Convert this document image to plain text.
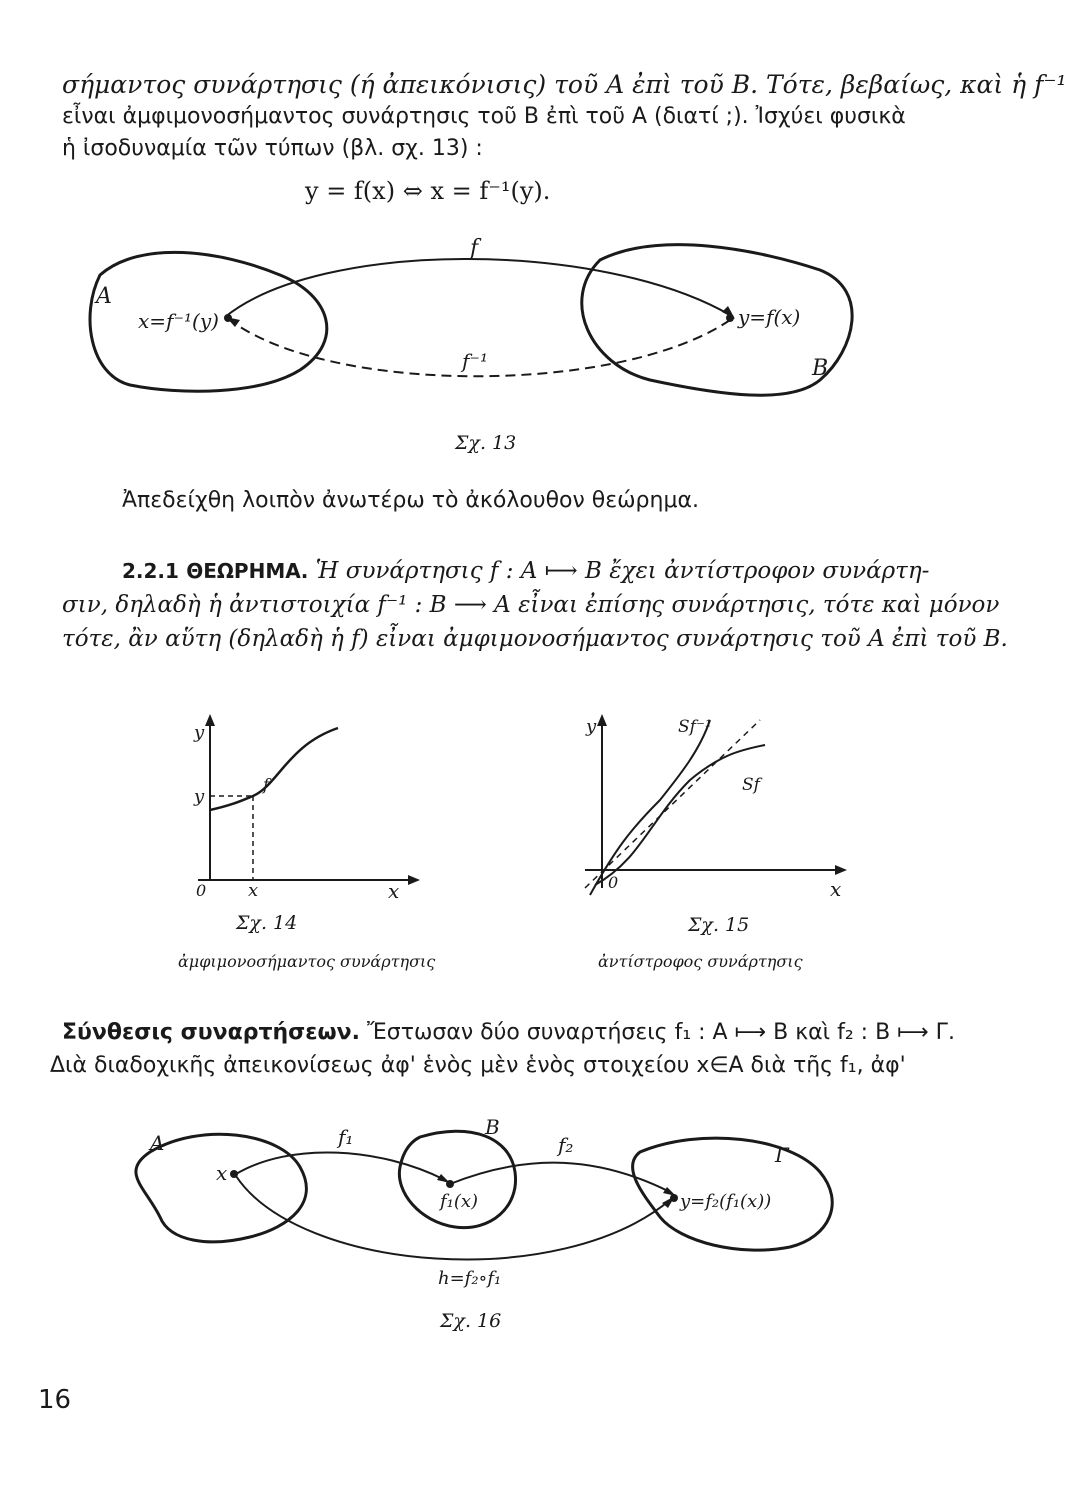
σήμαντος συνάρτησις (ή ἀπεικόνισις) τοῦ A ἐπὶ τοῦ B. Τότε, βεβαίως, καὶ ἡ f⁻¹
εἶναι ἀμφιμονοσήμαντος συνάρτησις τοῦ B ἐπὶ τοῦ A (διατί ;). Ἰσχύει φυσικὰ
ἡ ἰσοδυναμία τῶν τύπων (βλ. σχ. 13) :
y = f(x) ⇔ x = f⁻¹(y).
A
B
x=f⁻¹(y)	y=f(x)
f
f⁻¹
Σχ. 13
Ἀπεδείχθη λοιπὸν ἀνωτέρω τὸ ἀκόλουθον θεώρημα.
2.2.1 ΘΕΩΡΗΜΑ. Ἡ συνάρτησις f : A ⟼ B ἔχει ἀντίστροφον συνάρτη-
σιν, δηλαδὴ ἡ ἀντιστοιχία f⁻¹ : B ⟶ A εἶναι ἐπίσης συνάρτησις, τότε καὶ μόνον
τότε, ἂν αὕτη (δηλαδὴ ἡ f) εἶναι ἀμφιμονοσήμαντος συνάρτησις τοῦ A ἐπὶ τοῦ B.
y
y
0 x	x
f
Σχ. 14
ἀμφιμονοσήμαντος συνάρτησις
y
0	x
Sf⁻¹
Sf
Σχ. 15
ἀντίστροφος συνάρτησις
Σύνθεσις συναρτήσεων. Ἔστωσαν δύο συναρτήσεις f₁ : A ⟼ B καὶ f₂ : B ⟼ Γ.
Διὰ διαδοχικῆς ἀπεικονίσεως ἀφ' ἑνὸς μὲν ἑνὸς στοιχείου x∈A διὰ τῆς f₁, ἀφ'
A
B
Γ
x
f₁(x)	y=f₂(f₁(x))
f₁	f₂
h=f₂∘f₁
Σχ. 16
16
